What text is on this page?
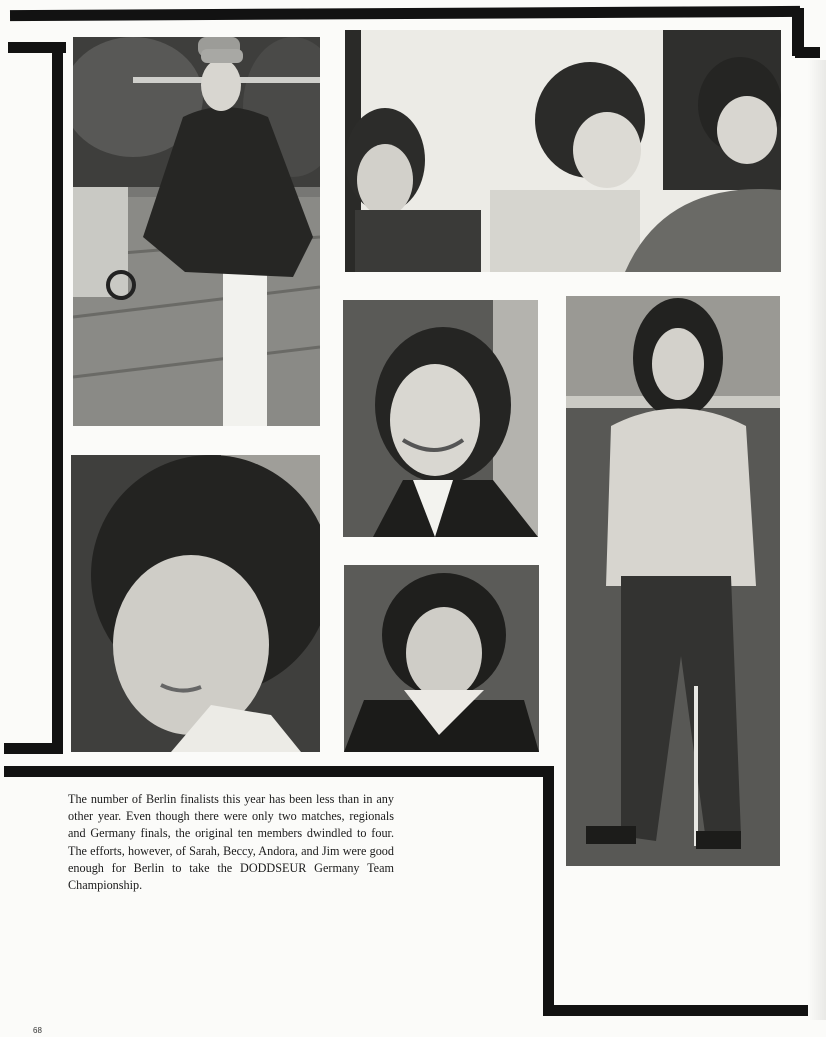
The number of Berlin finalists this year has been less than in any other year. Even though there were only two matches, regionals and Germany finals, the original ten members dwindled to four. The efforts, however, of Sarah, Beccy, Andora, and Jim were good enough for Berlin to take the DODDSEUR Germany Team Championship.

68
